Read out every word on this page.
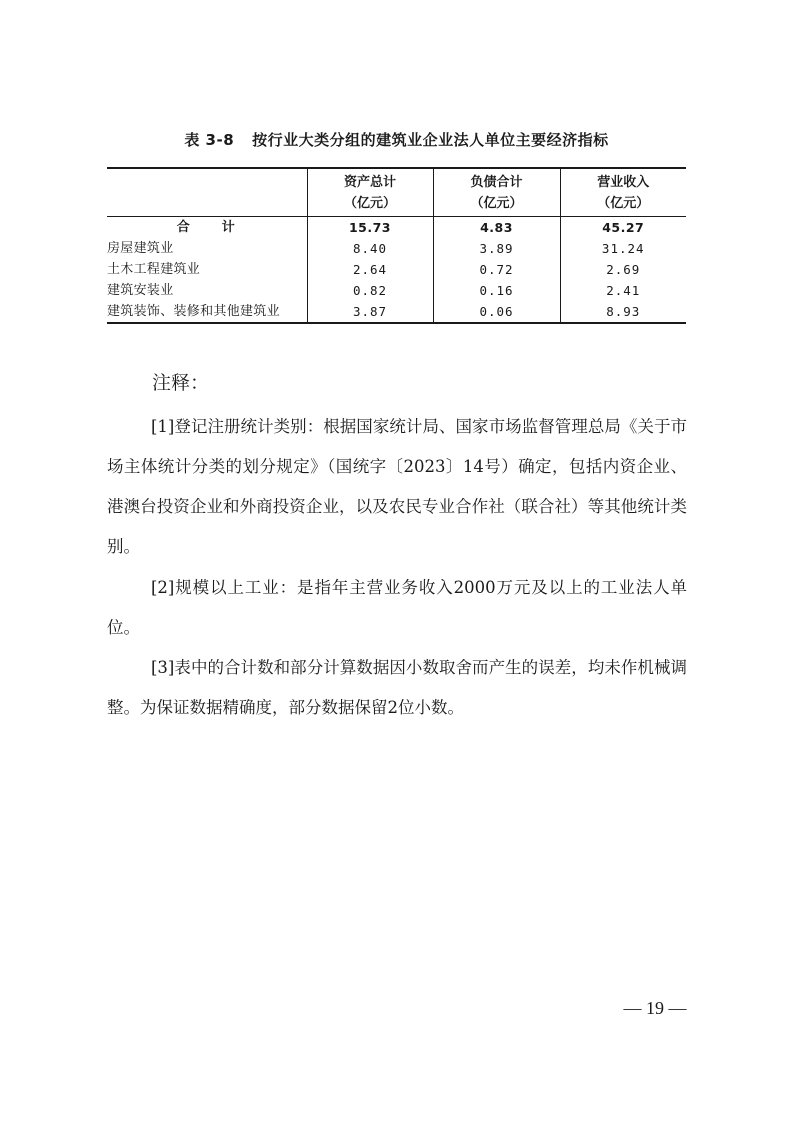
表 3-8 按行业大类分组的建筑业企业法人单位主要经济指标
	资产总计	负债合计	营业收入
	（亿元）	（亿元）	（亿元）
合　　计	15.73	4.83	45.27
房屋建筑业	8.40	3.89	31.24
土木工程建筑业	2.64	0.72	2.69
建筑安装业	0.82	0.16	2.41
建筑装饰、装修和其他建筑业	3.87	0.06	8.93
注释：

[1]登记注册统计类别：根据国家统计局、国家市场监督管理总局《关于市场主体统计分类的划分规定》（国统字〔2023〕14号）确定，包括内资企业、港澳台投资企业和外商投资企业，以及农民专业合作社（联合社）等其他统计类别。

[2]规模以上工业：是指年主营业务收入2000万元及以上的工业法人单位。

[3]表中的合计数和部分计算数据因小数取舍而产生的误差，均未作机械调整。为保证数据精确度，部分数据保留2位小数。

— 19 —
